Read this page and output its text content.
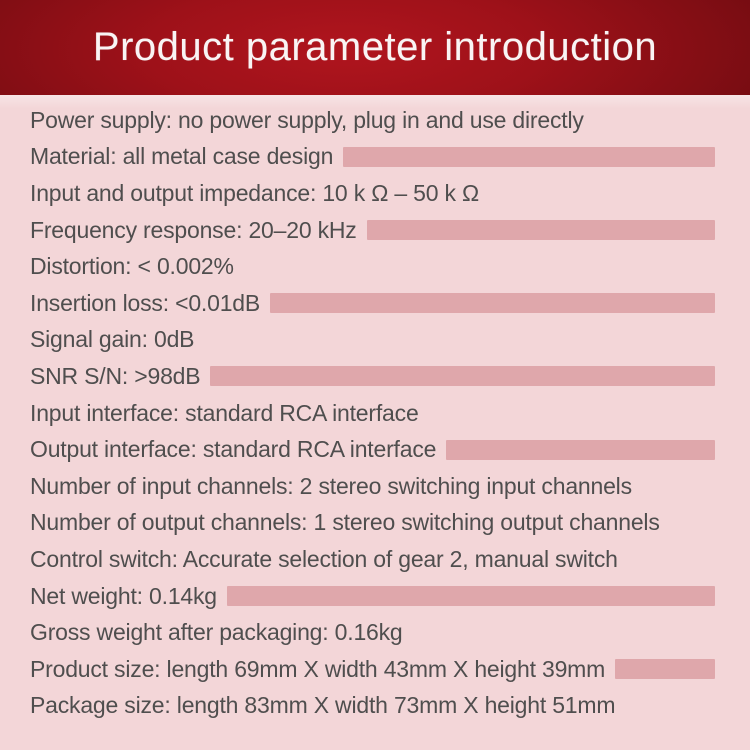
Product parameter introduction
Power supply: no power supply, plug in and use directly
Material: all metal case design
Input and output impedance: 10 k Ω – 50 k Ω
Frequency response: 20–20 kHz
Distortion: < 0.002%
Insertion loss: <0.01dB
Signal gain: 0dB
SNR S/N: >98dB
Input interface: standard RCA interface
Output interface: standard RCA interface
Number of input channels: 2 stereo switching input channels
Number of output channels: 1 stereo switching output channels
Control switch: Accurate selection of gear 2, manual switch
Net weight: 0.14kg
Gross weight after packaging: 0.16kg
Product size: length 69mm X width 43mm X height 39mm
Package size: length 83mm X width 73mm X height 51mm
